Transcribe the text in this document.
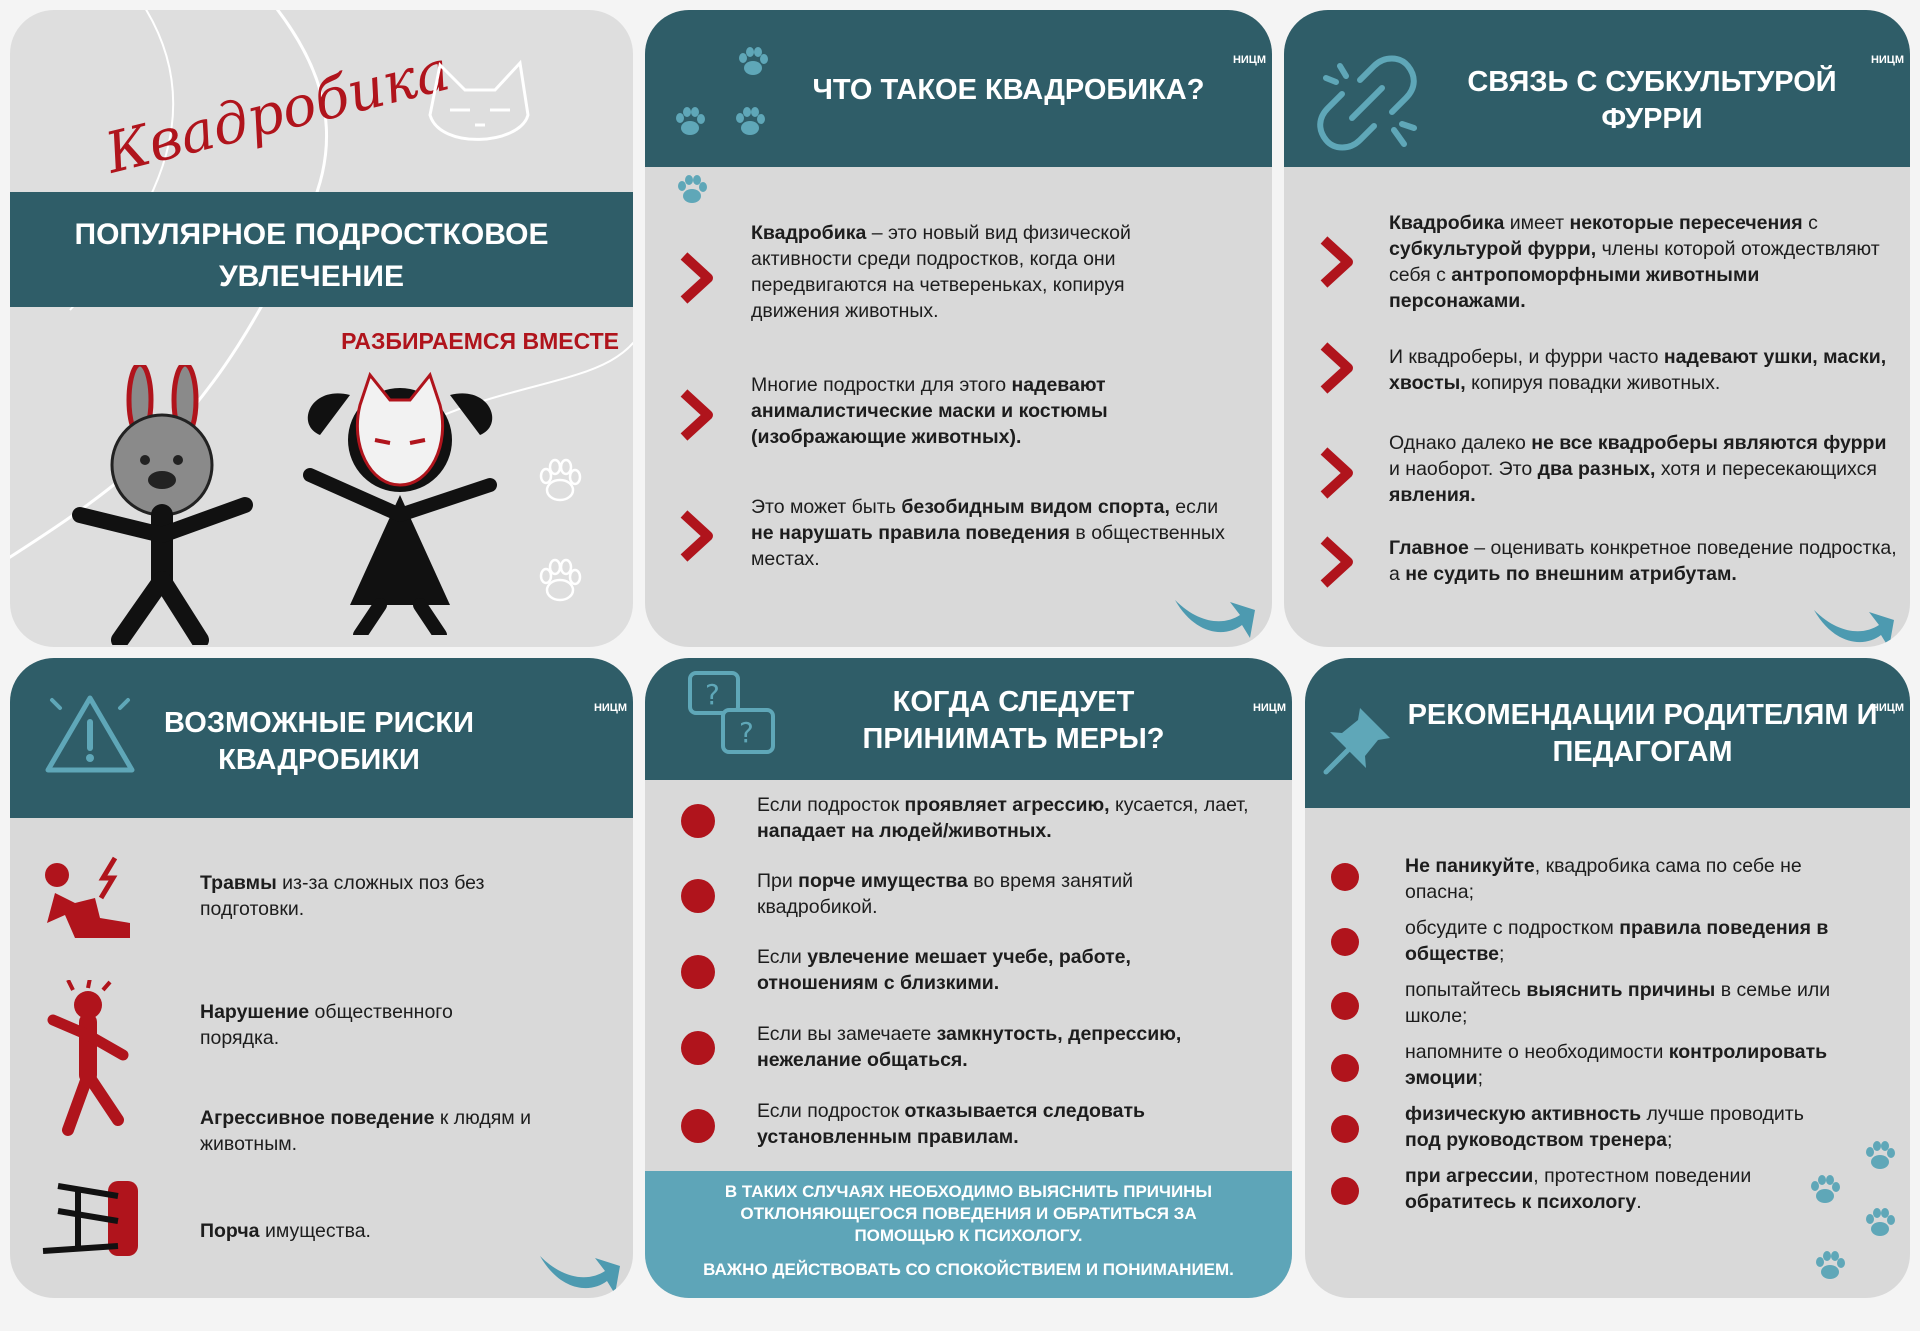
Квадробика
ПОПУЛЯРНОЕ ПОДРОСТКОВОЕ УВЛЕЧЕНИЕ
РАЗБИРАЕМСЯ ВМЕСТЕ
ЧТО ТАКОЕ КВАДРОБИКА?
НИЦМ
Квадробика – это новый вид физической активности среди подростков, когда они передвигаются на четвереньках, копируя движения животных.
Многие подростки для этого надевают анималистические маски и костюмы (изображающие животных).
Это может быть безобидным видом спорта, если не нарушать правила поведения в общественных местах.
СВЯЗЬ С СУБКУЛЬТУРОЙ ФУРРИ
НИЦМ
Квадробика имеет некоторые пересечения с субкультурой фурри, члены которой отождествляют себя с антропоморфными животными персонажами.
И квадроберы, и фурри часто надевают ушки, маски, хвосты, копируя повадки животных.
Однако далеко не все квадроберы являются фурри и наоборот. Это два разных, хотя и пересекающихся явления.
Главное – оценивать конкретное поведение подростка, а не судить по внешним атрибутам.
ВОЗМОЖНЫЕ РИСКИ КВАДРОБИКИ
НИЦМ
Травмы из-за сложных поз без подготовки.
Нарушение общественного порядка.
Агрессивное поведение к людям и животным.
Порча имущества.
КОГДА СЛЕДУЕТ ПРИНИМАТЬ МЕРЫ?
НИЦМ
?
?
Если подросток проявляет агрессию, кусается, лает, нападает на людей/животных.
При порче имущества во время занятий квадробикой.
Если увлечение мешает учебе, работе, отношениям с близкими.
Если вы замечаете замкнутость, депрессию, нежелание общаться.
Если подросток отказывается следовать установленным правилам.
В ТАКИХ СЛУЧАЯХ НЕОБХОДИМО ВЫЯСНИТЬ ПРИЧИНЫ ОТКЛОНЯЮЩЕГОСЯ ПОВЕДЕНИЯ И ОБРАТИТЬСЯ ЗА ПОМОЩЬЮ К ПСИХОЛОГУ.
ВАЖНО ДЕЙСТВОВАТЬ СО СПОКОЙСТВИЕМ И ПОНИМАНИЕМ.
РЕКОМЕНДАЦИИ РОДИТЕЛЯМ И ПЕДАГОГАМ
НИЦМ
Не паникуйте, квадробика сама по себе не опасна;
обсудите с подростком правила поведения в обществе;
попытайтесь выяснить причины в семье или школе;
напомните о необходимости контролировать эмоции;
физическую активность лучше проводить под руководством тренера;
при агрессии, протестном поведении обратитесь к психологу.
